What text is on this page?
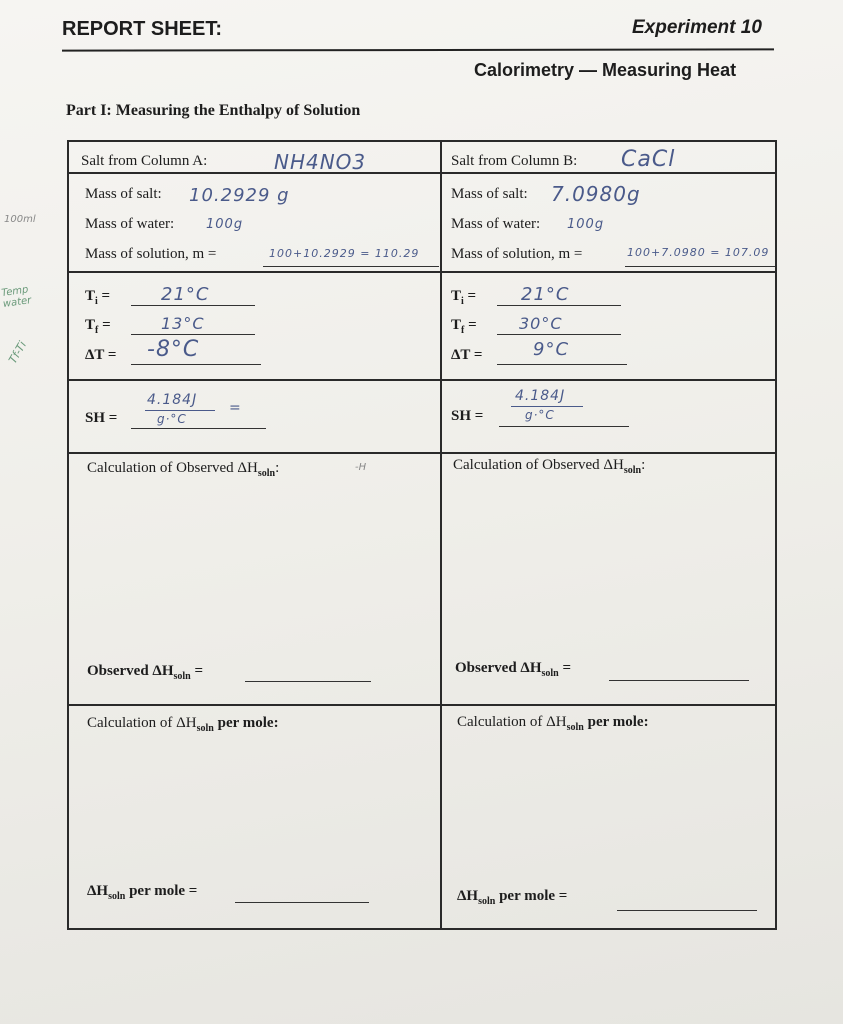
REPORT SHEET:	Experiment 10
Calorimetry — Measuring Heat
Part I: Measuring the Enthalpy of Solution
100ml
Temp water
Tf-Ti
Salt from Column A:	NH4NO3
Mass of salt: 10.2929 g
Mass of water: 100g
Mass of solution, m =	100+10.2929 = 110.29
$T_i$ =	21°C
$T_f$ =	13°C
ΔT = -8°C
SH =
4.184J
g·°C
=
Calculation of Observed $\Delta H_{soln}$:	-H
Observed $\Delta H_{soln}$ =
Calculation of $\Delta H_{soln}$ per mole:
$\Delta H_{soln}$ per mole =
Salt from Column B: CaCl
Mass of salt: 7.0980g
Mass of water: 100g
Mass of solution, m =	100+7.0980 = 107.09
$T_i = 21^\circ C$
$T_f$ =	30°C
ΔT =	9°C
SH =
4.184J
g·°C
Calculation of Observed $\Delta H_{soln}$:
Observed $\Delta H_{soln}$ =
Calculation of $\Delta H_{soln}$ per mole:
$\Delta H_{soln}$ per mole =
